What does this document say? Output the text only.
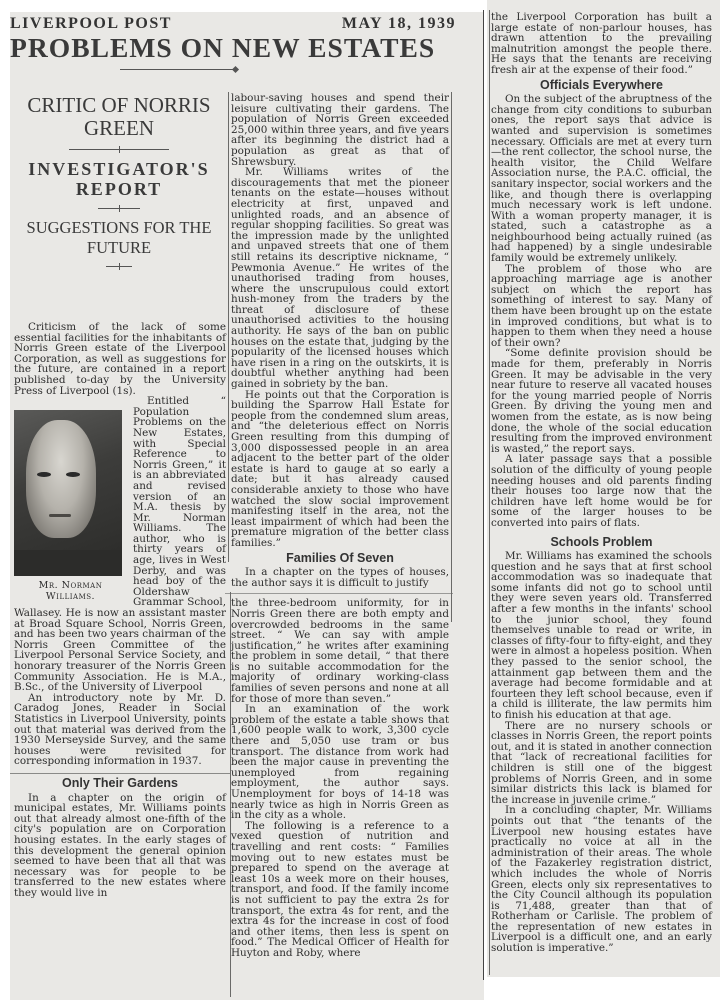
LIVERPOOL POST	MAY 18, 1939
PROBLEMS ON NEW ESTATES
CRITIC OF NORRIS GREEN
INVESTIGATOR'S REPORT
SUGGESTIONS FOR THE FUTURE

Criticism of the lack of some essential facilities for the inhabitants of Norris Green estate of the Liverpool Corporation, as well as suggestions for the future, are contained in a report published to-day by the University Press of Liverpool (1s).

Mr. Norman
Williams.

Entitled “ Population Problems on the New Estates, with Special Reference to Norris Green,” it is an abbreviated and revised version of an M.A. thesis by Mr. Norman Williams. The author, who is thirty years of age, lives in West Derby, and was head boy of the Oldershaw Grammar School, Wallasey. He is now an assistant master at Broad Square School, Norris Green, and has been two years chairman of the Norris Green Committee of the Liverpool Personal Service Society, and honorary treasurer of the Norris Green Community Association. He is M.A., B.Sc., of the University of Liverpool

An introductory note by Mr. D. Caradog Jones, Reader in Social Statistics in Liverpool University, points out that material was derived from the 1930 Merseyside Survey, and the same houses were revisited for corresponding information in 1937.

Only Their Gardens

In a chapter on the origin of municipal estates, Mr. Williams points out that already almost one-fifth of the city's population are on Corporation housing estates. In the early stages of this development the general opinion seemed to have been that all that was necessary was for people to be transferred to the new estates where they would live in

labour-saving houses and spend their leisure cultivating their gardens. The population of Norris Green exceeded 25,000 within three years, and five years after its beginning the district had a population as great as that of Shrewsbury.

Mr. Williams writes of the discouragements that met the pioneer tenants on the estate—houses without electricity at first, unpaved and unlighted roads, and an absence of regular shopping facilities. So great was the impression made by the unlighted and unpaved streets that one of them still retains its descriptive nickname, “ Pewmonia Avenue.” He writes of the unauthorised trading from houses, where the unscrupulous could extort hush-money from the traders by the threat of disclosure of these unauthorised activities to the housing authority. He says of the ban on public houses on the estate that, judging by the popularity of the licensed houses which have risen in a ring on the outskirts, it is doubtful whether anything had been gained in sobriety by the ban.

He points out that the Corporation is building the Sparrow Hall Estate for people from the condemned slum areas, and “the deleterious effect on Norris Green resulting from this dumping of 3,000 dispossessed people in an area adjacent to the better part of the older estate is hard to gauge at so early a date; but it has already caused considerable anxiety to those who have watched the slow social improvement manifesting itself in the area, not the least impairment of which had been the premature migration of the better class families.”

Families Of Seven

In a chapter on the types of houses, the author says it is difficult to justify

the three-bedroom uniformity, for in Norris Green there are both empty and overcrowded bedrooms in the same street. “ We can say with ample justification,” he writes after examining the problem in some detail, “ that there is no suitable accommodation for the majority of ordinary working-class families of seven persons and none at all for those of more than seven.”

In an examination of the work problem of the estate a table shows that 1,600 people walk to work, 3,300 cycle there and 5,050 use tram or bus transport. The distance from work had been the major cause in preventing the unemployed from regaining employment, the author says. Unemployment for boys of 14-18 was nearly twice as high in Norris Green as in the city as a whole.

The following is a reference to a vexed question of nutrition and travelling and rent costs: “ Families moving out to new estates must be prepared to spend on the average at least 10s a week more on their houses, transport, and food. If the family income is not sufficient to pay the extra 2s for transport, the extra 4s for rent, and the extra 4s for the increase in cost of food and other items, then less is spent on food.” The Medical Officer of Health for Huyton and Roby, where

the Liverpool Corporation has built a large estate of non-parlour houses, has drawn attention to the prevailing malnutrition amongst the people there. He says that the tenants are receiving fresh air at the expense of their food.”

Officials Everywhere

On the subject of the abruptness of the change from city conditions to suburban ones, the report says that advice is wanted and supervision is sometimes necessary. Officials are met at every turn—the rent collector, the school nurse, the health visitor, the Child Welfare Association nurse, the P.A.C. official, the sanitary inspector, social workers and the like, and though there is overlapping much necessary work is left undone. With a woman property manager, it is stated, such a catastrophe as a neighbourhood being actually ruined (as had happened) by a single undesirable family would be extremely unlikely.

The problem of those who are approaching marriage age is another subject on which the report has something of interest to say. Many of them have been brought up on the estate in improved conditions, but what is to happen to them when they need a house of their own?

“Some definite provision should be made for them, preferably in Norris Green. It may be advisable in the very near future to reserve all vacated houses for the young married people of Norris Green. By driving the young men and women from the estate, as is now being done, the whole of the social education resulting from the improved environment is wasted,” the report says.

A later passage says that a possible solution of the difficulty of young people needing houses and old parents finding their houses too large now that the children have left home would be for some of the larger houses to be converted into pairs of flats.

Schools Problem

Mr. Williams has examined the schools question and he says that at first school accommodation was so inadequate that some infants did not go to school until they were seven years old. Transferred after a few months in the infants' school to the junior school, they found themselves unable to read or write, in classes of fifty-four to fifty-eight, and they were in almost a hopeless position. When they passed to the senior school, the attainment gap between them and the average had become formidable and at fourteen they left school because, even if a child is illiterate, the law permits him to finish his education at that age.

There are no nursery schools or classes in Norris Green, the report points out, and it is stated in another connection that “lack of recreational facilities for children is still one of the biggest problems of Norris Green, and in some similar districts this lack is blamed for the increase in juvenile crime.”

In a concluding chapter, Mr. Williams points out that “the tenants of the Liverpool new housing estates have practically no voice at all in the administration of their areas. The whole of the Fazakerley registration district, which includes the whole of Norris Green, elects only six representatives to the City Council although its population is 71,488, greater than that of Rotherham or Carlisle. The problem of the representation of new estates in Liverpool is a difficult one, and an early solution is imperative.”
